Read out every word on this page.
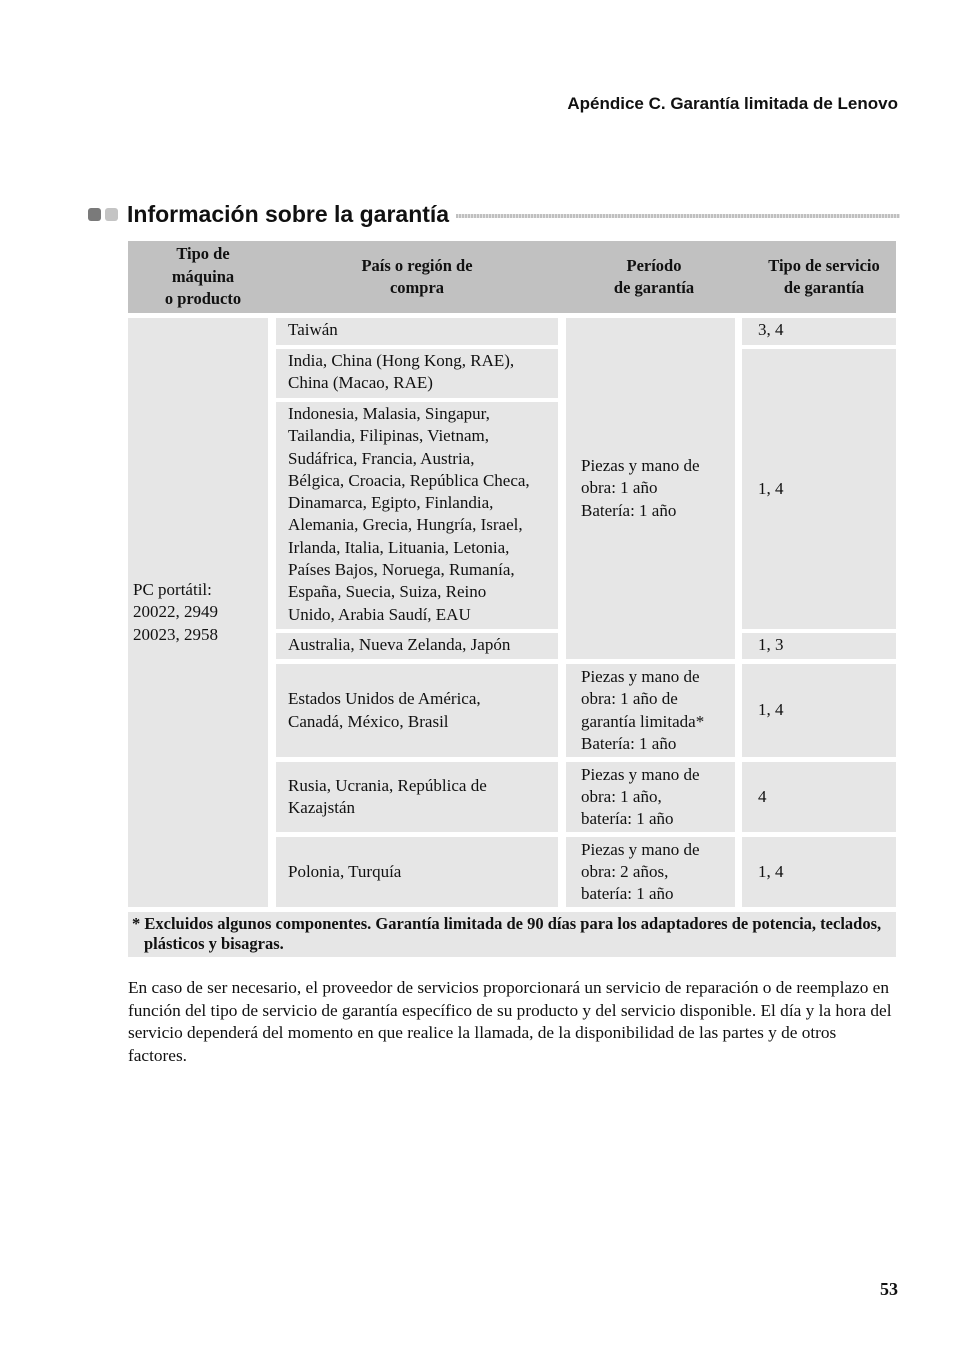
Apéndice C. Garantía limitada de Lenovo
Información sobre la garantía
Tipo de
máquina
o producto
País o región de
compra
Período
de garantía
Tipo de servicio
de garantía
PC portátil:
20022, 2949
20023, 2958
Taiwán
India, China (Hong Kong, RAE),
China (Macao, RAE)
Indonesia, Malasia, Singapur,
Tailandia, Filipinas, Vietnam,
Sudáfrica, Francia, Austria,
Bélgica, Croacia, República Checa,
Dinamarca, Egipto, Finlandia,
Alemania, Grecia, Hungría, Israel,
Irlanda, Italia, Lituania, Letonia,
Países Bajos, Noruega, Rumanía,
España, Suecia, Suiza, Reino
Unido, Arabia Saudí, EAU
Australia, Nueva Zelanda, Japón
Estados Unidos de América,
Canadá, México, Brasil
Rusia, Ucrania, República de
Kazajstán
Polonia, Turquía
Piezas y mano de
obra: 1 año
Batería: 1 año
Piezas y mano de
obra: 1 año de
garantía limitada*
Batería: 1 año
Piezas y mano de
obra: 1 año,
batería: 1 año
Piezas y mano de
obra: 2 años,
batería: 1 año
3, 4
1, 4
1, 3
1, 4
4
1, 4
* Excluidos algunos componentes. Garantía limitada de 90 días para los adaptadores de potencia, teclados, plásticos y bisagras.
En caso de ser necesario, el proveedor de servicios proporcionará un servicio de reparación o de reemplazo en función del tipo de servicio de garantía específico de su producto y del servicio disponible. El día y la hora del servicio dependerá del momento en que realice la llamada, de la disponibilidad de las partes y de otros factores.
53
